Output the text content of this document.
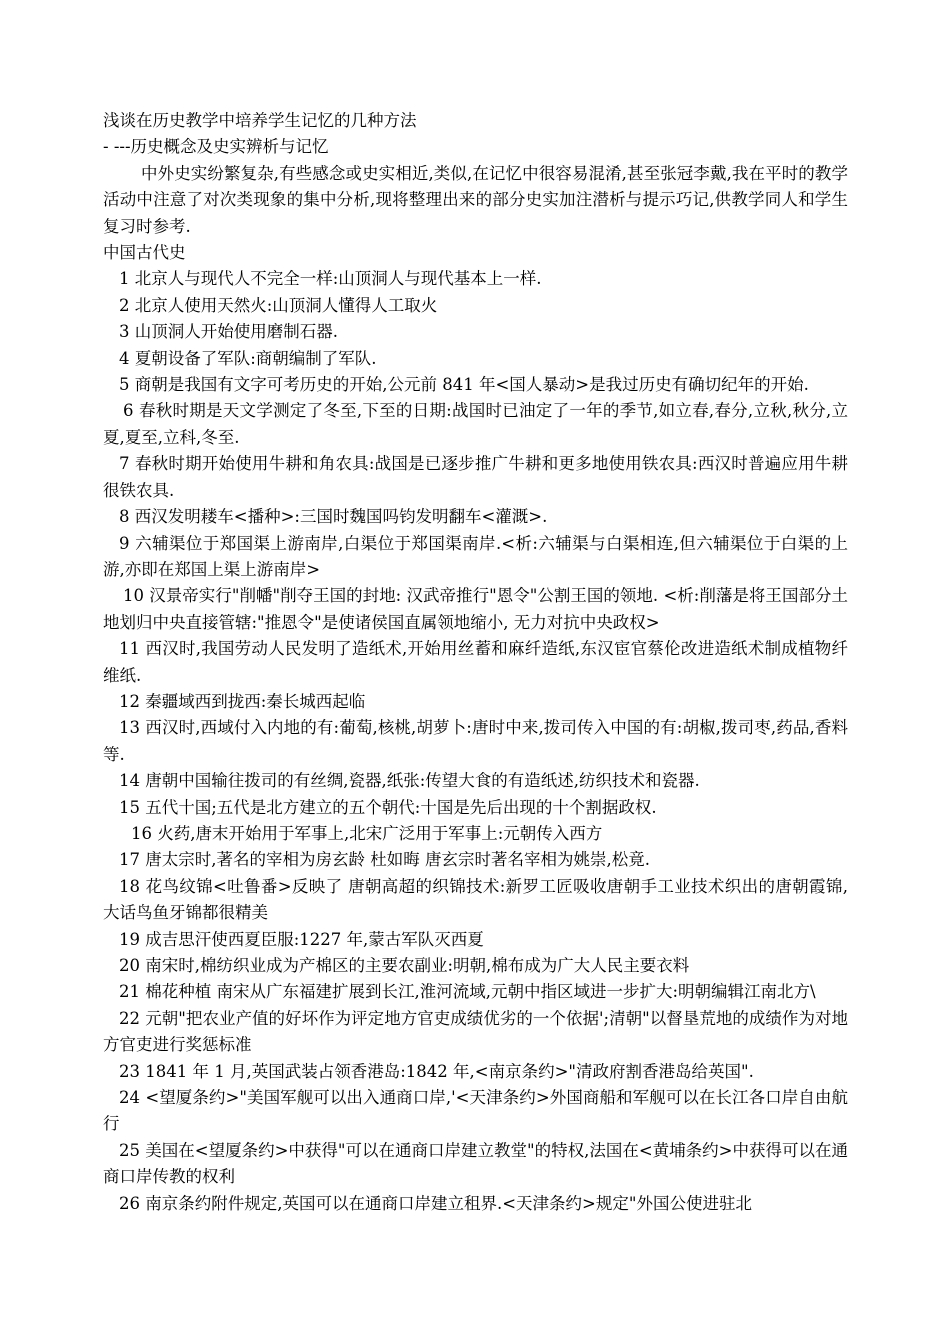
浅谈在历史教学中培养学生记忆的几种方法

- ---历史概念及史实辨析与记忆

中外史实纷繁复杂,有些感念或史实相近,类似,在记忆中很容易混淆,甚至张冠李戴,我在平时的教学活动中注意了对次类现象的集中分析,现将整理出来的部分史实加注潜析与提示巧记,供教学同人和学生复习时参考.

中国古代史

1 北京人与现代人不完全一样:山顶洞人与现代基本上一样.

2 北京人使用天然火:山顶洞人懂得人工取火

3 山顶洞人开始使用磨制石器.

4 夏朝设备了军队:商朝编制了军队.

5 商朝是我国有文字可考历史的开始,公元前 841 年<国人暴动>是我过历史有确切纪年的开始.

6 春秋时期是天文学测定了冬至,下至的日期:战国时已油定了一年的季节,如立春,春分,立秋,秋分,立夏,夏至,立科,冬至.

7 春秋时期开始使用牛耕和角农具:战国是已逐步推广牛耕和更多地使用铁农具:西汉时普遍应用牛耕很铁农具.

8 西汉发明耧车<播种>:三国时魏国吗钧发明翻车<灌溉>.

9 六辅渠位于郑国渠上游南岸,白渠位于郑国渠南岸.<析:六辅渠与白渠相连,但六辅渠位于白渠的上游,亦即在郑国上渠上游南岸>

10 汉景帝实行"削幡"削夺王国的封地: 汉武帝推行"恩令"公割王国的领地. <析:削藩是将王国部分土地划归中央直接管辖:"推恩令"是使诸侯国直属领地缩小, 无力对抗中央政权>

11 西汉时,我国劳动人民发明了造纸术,开始用丝蓄和麻纤造纸,东汉宦官蔡伦改进造纸术制成植物纤维纸.

12 秦疆域西到拢西:秦长城西起临

13 西汉时,西域付入内地的有:葡萄,核桃,胡萝卜:唐时中来,拨司传入中国的有:胡椒,拨司枣,药品,香料等.

14 唐朝中国输往拨司的有丝绸,瓷器,纸张:传望大食的有造纸述,纺织技术和瓷器.

15 五代十国;五代是北方建立的五个朝代:十国是先后出现的十个割据政权.

16 火药,唐末开始用于军事上,北宋广泛用于军事上:元朝传入西方

17 唐太宗时,著名的宰相为房玄龄 杜如晦 唐玄宗时著名宰相为姚崇,松竟.

18 花鸟纹锦<吐鲁番>反映了 唐朝高超的织锦技术:新罗工匠吸收唐朝手工业技术织出的唐朝霞锦,大话鸟鱼牙锦都很精美

19 成吉思汗使西夏臣服:1227 年,蒙古军队灭西夏

20 南宋时,棉纺织业成为产棉区的主要农副业:明朝,棉布成为广大人民主要衣料

21 棉花种植 南宋从广东福建扩展到长江,淮河流域,元朝中指区域进一步扩大:明朝编辑江南北方\

22 元朝"把农业产值的好坏作为评定地方官吏成绩优劣的一个依据';清朝"以督垦荒地的成绩作为对地方官吏进行奖惩标准

23 1841 年 1 月,英国武装占领香港岛:1842 年,<南京条约>"清政府割香港岛给英国".

24 <望厦条约>"美国军舰可以出入通商口岸,'<天津条约>外国商船和军舰可以在长江各口岸自由航行

25 美国在<望厦条约>中获得"可以在通商口岸建立教堂"的特权,法国在<黄埔条约>中获得可以在通商口岸传教的权利

26 南京条约附件规定,英国可以在通商口岸建立租界.<天津条约>规定"外国公使进驻北
